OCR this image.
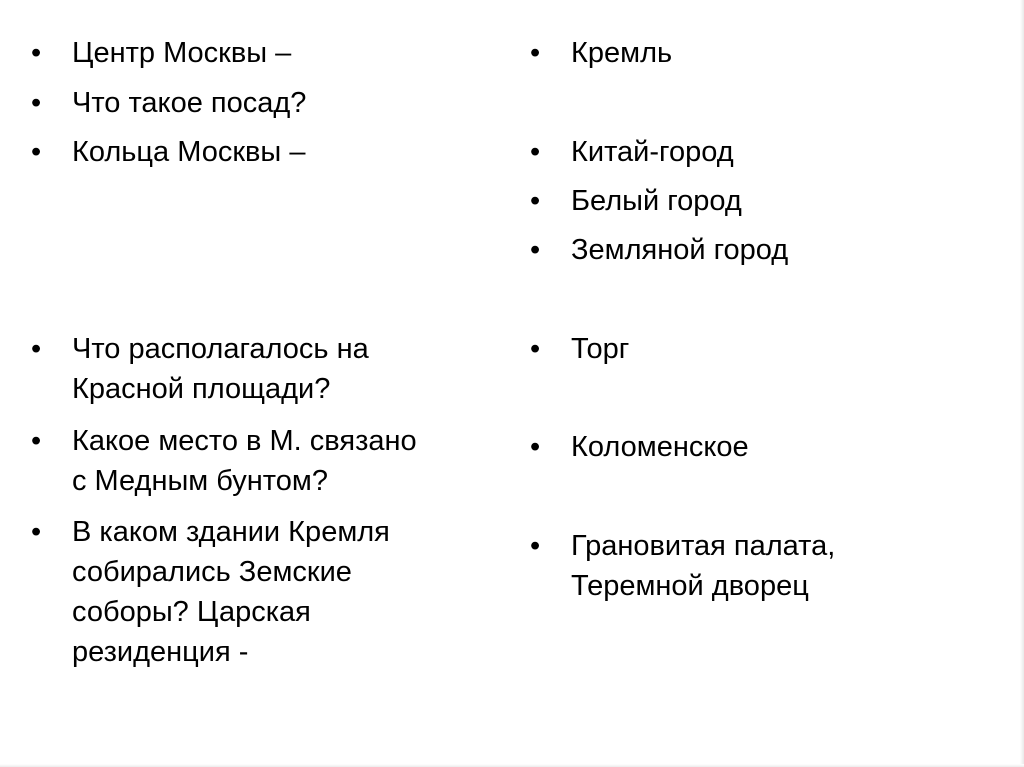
• Центр Москвы –

• Что такое посад?

• Кольца Москвы –

• Что располагалось на
Красной площади?

• Какое место в М. связано
с Медным бунтом?

• В каком здании Кремля
собирались Земские
соборы? Царская
резиденция -

• Кремль

• Китай-город

• Белый город

• Земляной город

• Торг

• Коломенское

• Грановитая палата,
Теремной дворец
